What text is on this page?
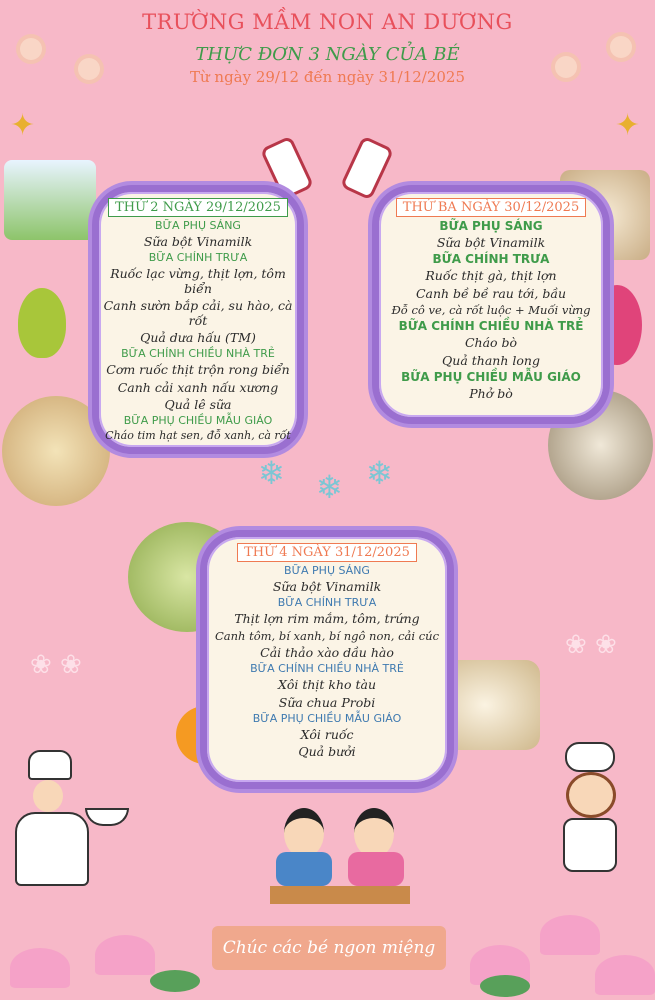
TRƯỜNG MẦM NON AN DƯƠNG
THỰC ĐƠN 3 NGÀY CỦA BÉ
Từ ngày 29/12 đến ngày 31/12/2025
✦	✦
❄ ❄ ❄
THỨ 2 NGÀY 29/12/2025
BỮA PHỤ SÁNG
Sữa bột Vinamilk
BỮA CHÍNH TRƯA
Ruốc lạc vừng, thịt lợn, tôm biển
Canh sườn bắp cải, su hào, cà rốt
Quả dưa hấu (TM)
BỮA CHÍNH CHIỀU NHÀ TRẺ
Cơm ruốc thịt trộn rong biển
Canh cải xanh nấu xương
Quả lê sữa
BỮA PHỤ CHIỀU MẪU GIÁO
Cháo tim hạt sen, đỗ xanh, cà rốt
THỨ BA NGÀY 30/12/2025
BỮA PHỤ SÁNG
Sữa bột Vinamilk
BỮA CHÍNH TRƯA
Ruốc thịt gà, thịt lợn
Canh bề bề rau tới, bầu
Đỗ cô ve, cà rốt luộc + Muối vừng
BỮA CHÍNH CHIỀU NHÀ TRẺ
Cháo bò
Quả thanh long
BỮA PHỤ CHIỀU MẪU GIÁO
Phở bò
THỨ 4 NGÀY 31/12/2025
BỮA PHỤ SÁNG
Sữa bột Vinamilk
BỮA CHÍNH TRƯA
Thịt lợn rim mắm, tôm, trứng
Canh tôm, bí xanh, bí ngô non, cải cúc
Cải thảo xào dầu hào
BỮA CHÍNH CHIỀU NHÀ TRẺ
Xôi thịt kho tàu
Sữa chua Probi
BỮA PHỤ CHIỀU MẪU GIÁO
Xôi ruốc
Quả bưởi
❀ ❀
❀ ❀
Chúc các bé ngon miệng
